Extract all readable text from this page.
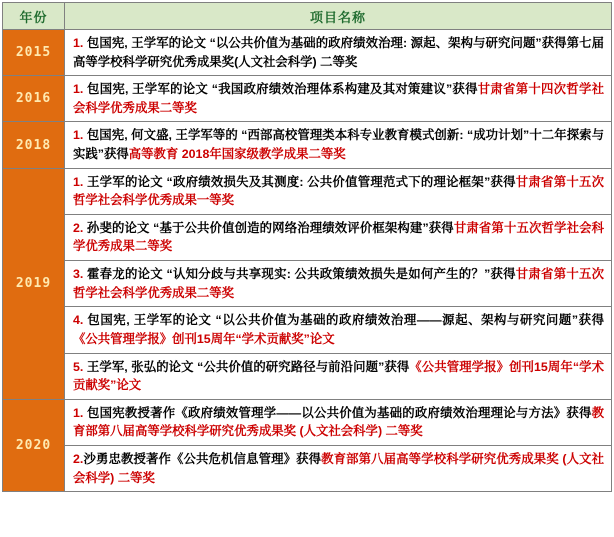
年份	项目名称
2015	1. 包国宪, 王学军的论文 “以公共价值为基础的政府绩效治理: 源起、架构与研究问题”获得第七届高等学校科学研究优秀成果奖(人文社会科学) 二等奖

2016	1. 包国宪, 王学军的论文 “我国政府绩效治理体系构建及其对策建议”获得甘肃省第十四次哲学社会科学优秀成果二等奖

2018	1. 包国宪, 何文盛, 王学军等的 “西部高校管理类本科专业教育模式创新: “成功计划”十二年探索与实践”获得高等教育 2018年国家级教学成果二等奖

2019	1. 王学军的论文 “政府绩效损失及其测度: 公共价值管理范式下的理论框架”获得甘肃省第十五次哲学社会科学优秀成果一等奖
2. 孙斐的论文 “基于公共价值创造的网络治理绩效评价框架构建”获得甘肃省第十五次哲学社会科学优秀成果二等奖
3. 霍春龙的论文 “认知分歧与共享现实: 公共政策绩效损失是如何产生的？”获得甘肃省第十五次哲学社会科学优秀成果二等奖
4. 包国宪, 王学军的论文 “以公共价值为基础的政府绩效治理——源起、架构与研究问题”获得《公共管理学报》创刊15周年“学术贡献奖”论文
5. 王学军, 张弘的论文 “公共价值的研究路径与前沿问题”获得《公共管理学报》创刊15周年“学术贡献奖”论文

2020	1. 包国宪教授著作《政府绩效管理学——以公共价值为基础的政府绩效治理理论与方法》获得教育部第八届高等学校科学研究优秀成果奖 (人文社会科学) 二等奖
2.沙勇忠教授著作《公共危机信息管理》获得教育部第八届高等学校科学研究优秀成果奖 (人文社会科学) 二等奖
